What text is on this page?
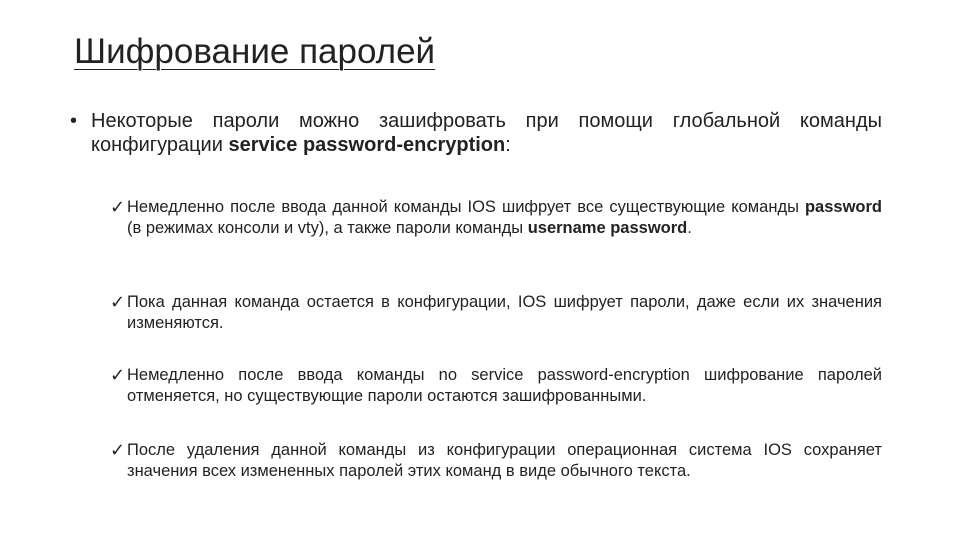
Шифрование паролей
• Некоторые пароли можно зашифровать при помощи глобальной команды конфигурации service password-encryption:
✓ Немедленно после ввода данной команды IOS шифрует все существующие команды password (в режимах консоли и vty), а также пароли команды username password.
✓ Пока данная команда остается в конфигурации, IOS шифрует пароли, даже если их значения изменяются.
✓ Немедленно после ввода команды no service password-encryption шифрование паролей отменяется, но существующие пароли остаются зашифрованными.
✓ После удаления данной команды из конфигурации операционная система IOS сохраняет значения всех измененных паролей этих команд в виде обычного текста.
